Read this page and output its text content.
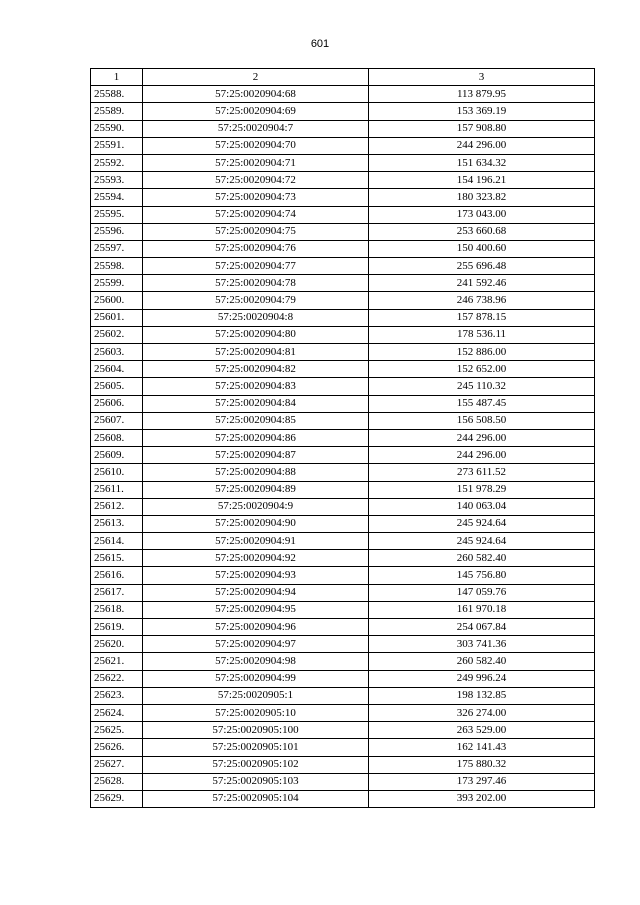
601
1	2	3
25588.	57:25:0020904:68	113 879.95
25589.	57:25:0020904:69	153 369.19
25590.	57:25:0020904:7	157 908.80
25591.	57:25:0020904:70	244 296.00
25592.	57:25:0020904:71	151 634.32
25593.	57:25:0020904:72	154 196.21
25594.	57:25:0020904:73	180 323.82
25595.	57:25:0020904:74	173 043.00
25596.	57:25:0020904:75	253 660.68
25597.	57:25:0020904:76	150 400.60
25598.	57:25:0020904:77	255 696.48
25599.	57:25:0020904:78	241 592.46
25600.	57:25:0020904:79	246 738.96
25601.	57:25:0020904:8	157 878.15
25602.	57:25:0020904:80	178 536.11
25603.	57:25:0020904:81	152 886.00
25604.	57:25:0020904:82	152 652.00
25605.	57:25:0020904:83	245 110.32
25606.	57:25:0020904:84	155 487.45
25607.	57:25:0020904:85	156 508.50
25608.	57:25:0020904:86	244 296.00
25609.	57:25:0020904:87	244 296.00
25610.	57:25:0020904:88	273 611.52
25611.	57:25:0020904:89	151 978.29
25612.	57:25:0020904:9	140 063.04
25613.	57:25:0020904:90	245 924.64
25614.	57:25:0020904:91	245 924.64
25615.	57:25:0020904:92	260 582.40
25616.	57:25:0020904:93	145 756.80
25617.	57:25:0020904:94	147 059.76
25618.	57:25:0020904:95	161 970.18
25619.	57:25:0020904:96	254 067.84
25620.	57:25:0020904:97	303 741.36
25621.	57:25:0020904:98	260 582.40
25622.	57:25:0020904:99	249 996.24
25623.	57:25:0020905:1	198 132.85
25624.	57:25:0020905:10	326 274.00
25625.	57:25:0020905:100	263 529.00
25626.	57:25:0020905:101	162 141.43
25627.	57:25:0020905:102	175 880.32
25628.	57:25:0020905:103	173 297.46
25629.	57:25:0020905:104	393 202.00
